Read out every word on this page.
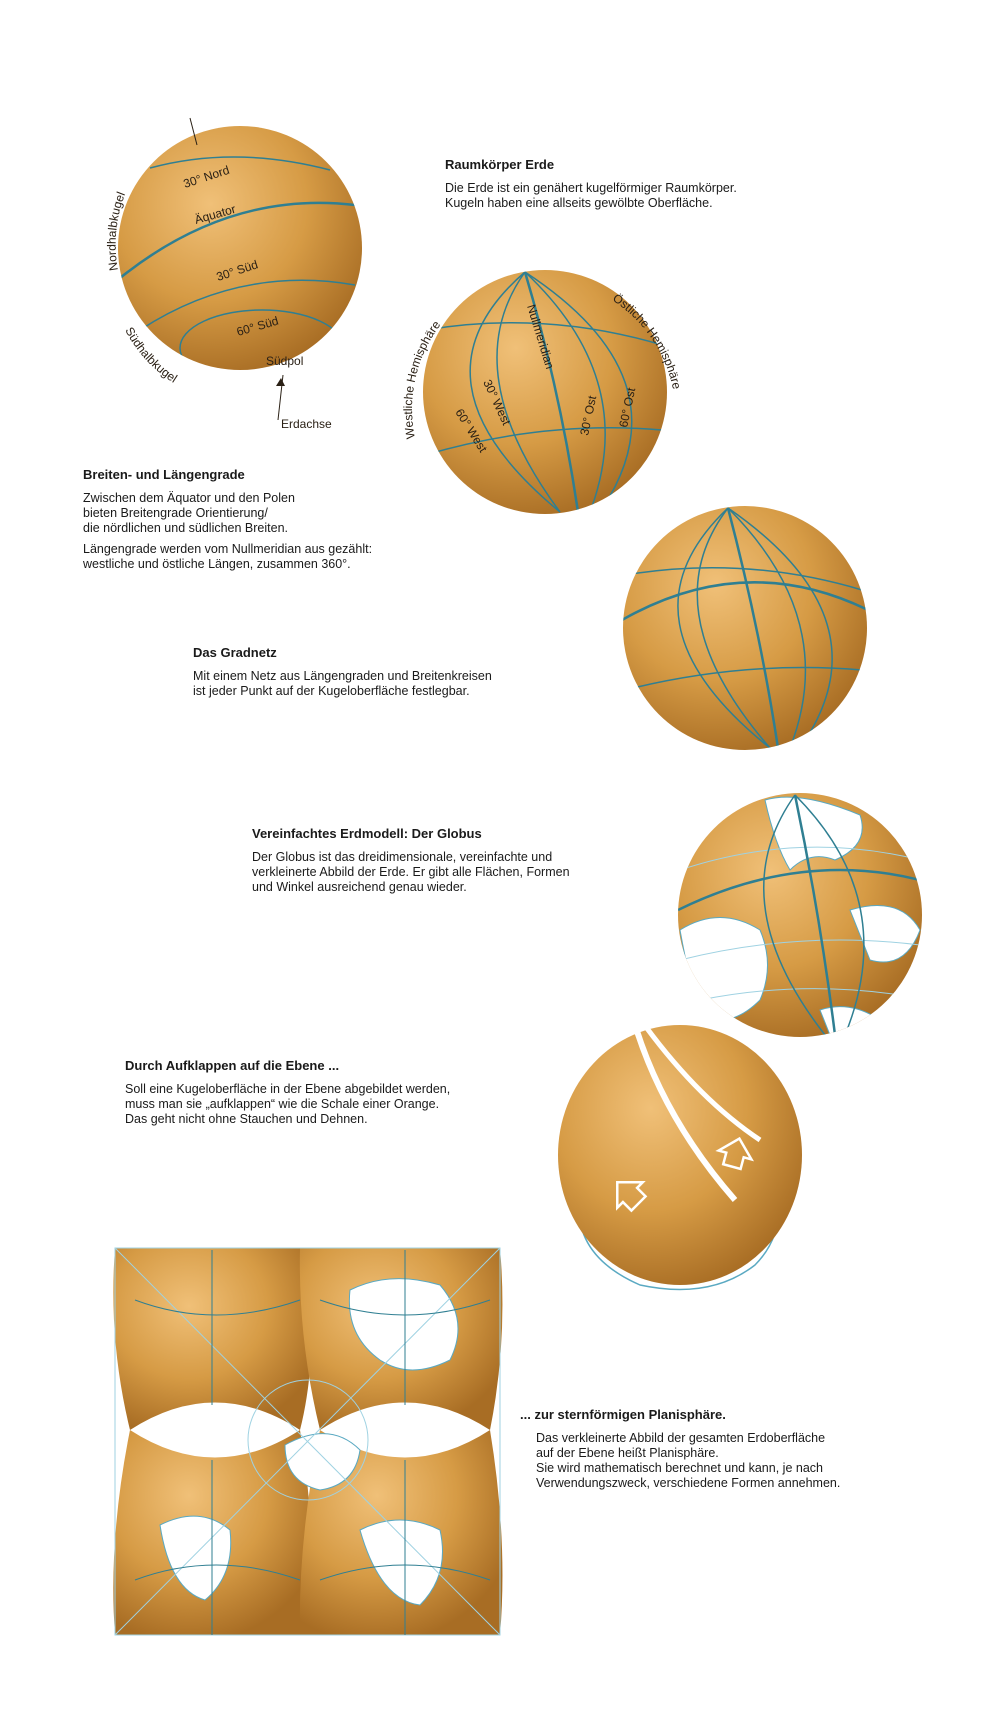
30° Nord
Äquator
30° Süd
60° Süd
Südpol
Erdachse
Nordhalbkugel
Südhalbkugel
Nullmeridian
30° West
60° West	30° Ost 60° Ost
Westliche Hemisphäre
Östliche Hemisphäre
Raumkörper Erde

Die Erde ist ein genähert kugelförmiger Raumkörper.
Kugeln haben eine allseits gewölbte Oberfläche.

Breiten- und Längengrade

Zwischen dem Äquator und den Polen
bieten Breitengrade Orientierung/
die nördlichen und südlichen Breiten.

Längengrade werden vom Nullmeridian aus gezählt:
westliche und östliche Längen, zusammen 360°.

Das Gradnetz

Mit einem Netz aus Längengraden und Breitenkreisen
ist jeder Punkt auf der Kugeloberfläche festlegbar.

Vereinfachtes Erdmodell: Der Globus

Der Globus ist das dreidimensionale, vereinfachte und
verkleinerte Abbild der Erde. Er gibt alle Flächen, Formen
und Winkel ausreichend genau wieder.

Durch Aufklappen auf die Ebene ...

Soll eine Kugeloberfläche in der Ebene abgebildet werden,
muss man sie „aufklappen“ wie die Schale einer Orange.
Das geht nicht ohne Stauchen und Dehnen.

... zur sternförmigen Planisphäre.

Das verkleinerte Abbild der gesamten Erdoberfläche
auf der Ebene heißt Planisphäre.
Sie wird mathematisch berechnet und kann, je nach
Verwendungszweck, verschiedene Formen annehmen.
